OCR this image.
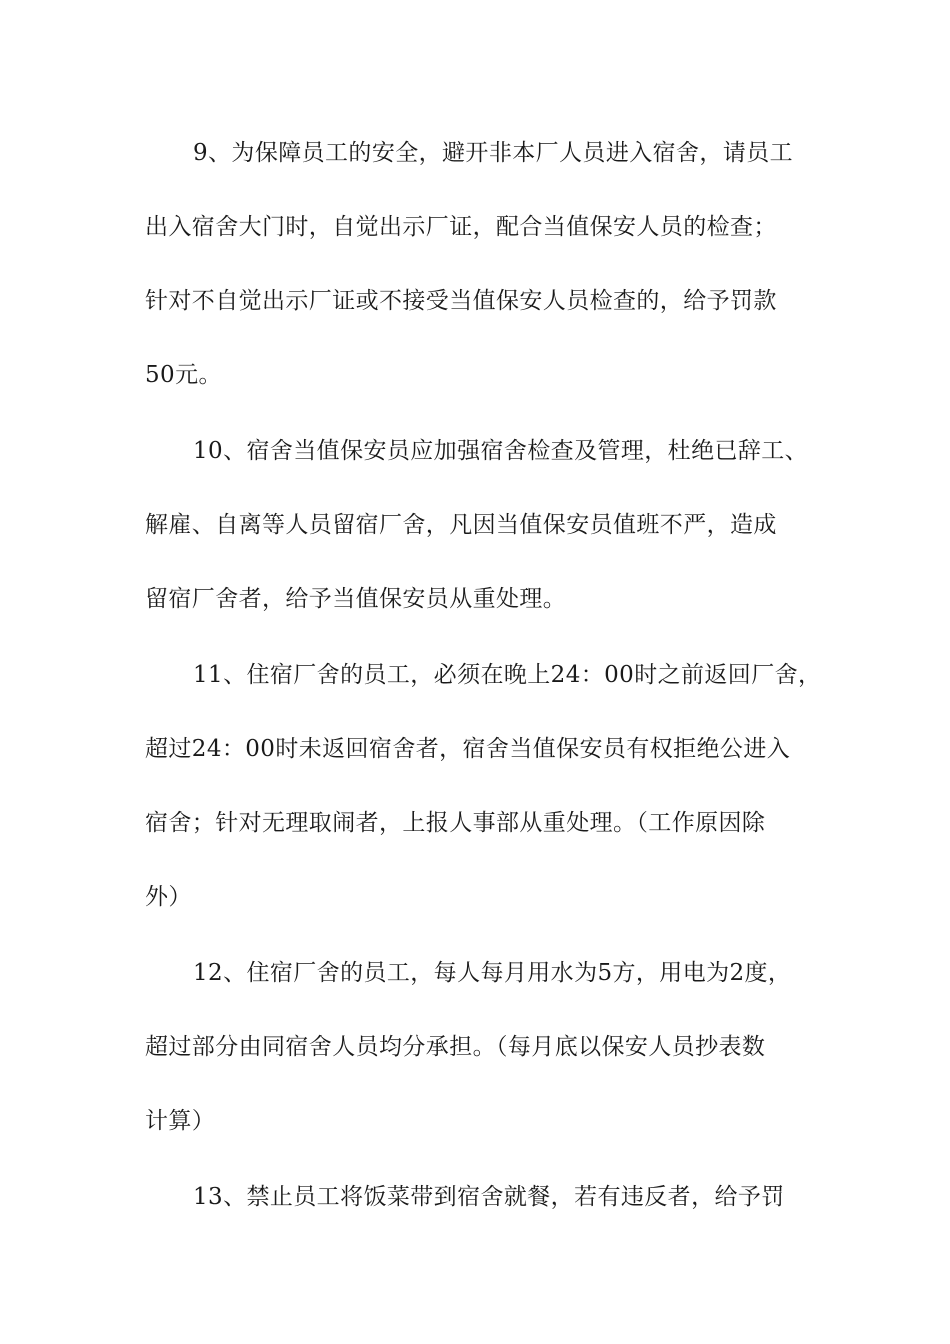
9、为保障员工的安全，避开非本厂人员进入宿舍，请员工
出入宿舍大门时，自觉出示厂证，配合当值保安人员的检查；
针对不自觉出示厂证或不接受当值保安人员检查的，给予罚款
50元。
10、宿舍当值保安员应加强宿舍检查及管理，杜绝已辞工、
解雇、自离等人员留宿厂舍，凡因当值保安员值班不严，造成
留宿厂舍者，给予当值保安员从重处理。
11、住宿厂舍的员工，必须在晚上24：00时之前返回厂舍，
超过24：00时未返回宿舍者，宿舍当值保安员有权拒绝公进入
宿舍；针对无理取闹者，上报人事部从重处理。（工作原因除
外）
12、住宿厂舍的员工，每人每月用水为5方，用电为2度，
超过部分由同宿舍人员均分承担。（每月底以保安人员抄表数
计算）
13、禁止员工将饭菜带到宿舍就餐，若有违反者，给予罚
